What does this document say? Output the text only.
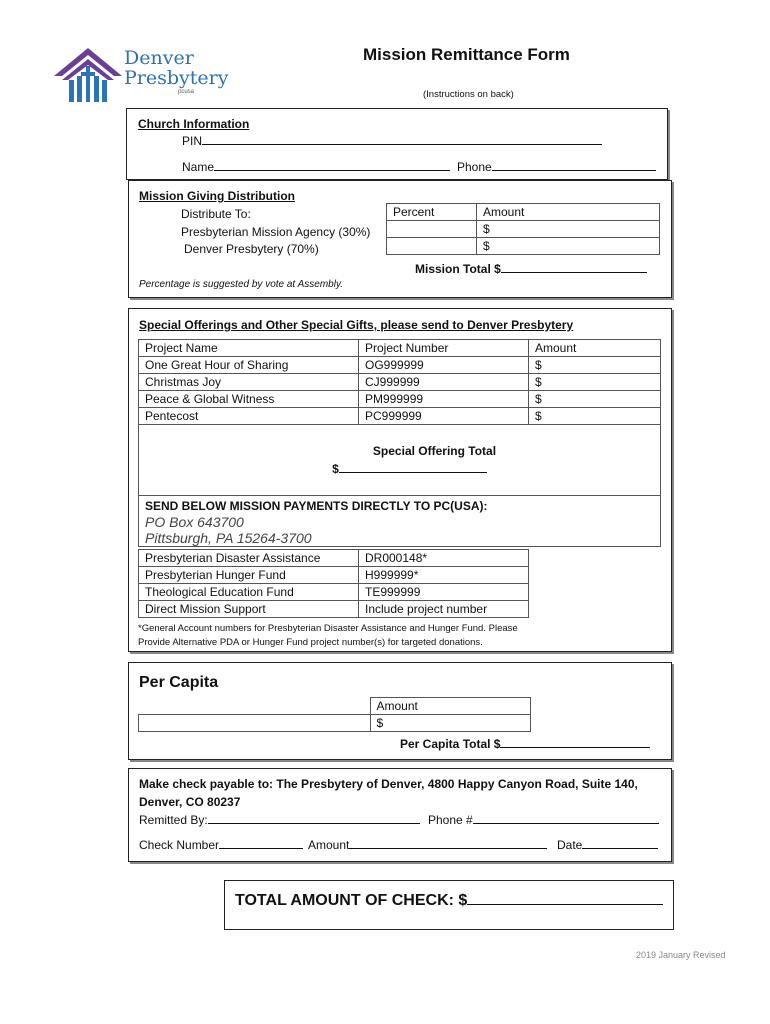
Denver
Presbytery
pcusa
Mission Remittance Form
(Instructions on back)
Church Information
PIN
Name	Phone
Mission Giving Distribution
Distribute To:
Presbyterian Mission Agency (30%)
Denver Presbytery (70%)
Percent	Amount
	$
	$
Mission Total $
Percentage is suggested by vote at Assembly.
Special Offerings and Other Special Gifts, please send to Denver Presbytery
Project Name	Project Number	Amount
One Great Hour of Sharing	OG999999	$
Christmas Joy	CJ999999	$
Peace & Global Witness	PM999999	$
Pentecost	PC999999	$

Special Offering Total
$		

SEND BELOW MISSION PAYMENTS DIRECTLY TO PC(USA):
PO Box 643700
Pittsburgh, PA 15264-3700		
Presbyterian Disaster Assistance	DR000148*
Presbyterian Hunger Fund	H999999*
Theological Education Fund	TE999999
Direct Mission Support	Include project number
*General Account numbers for Presbyterian Disaster Assistance and Hunger Fund. Please
Provide Alternative PDA or Hunger Fund project number(s) for targeted donations.
Per Capita
	Amount
	$
Per Capita Total $
Make check payable to: The Presbytery of Denver, 4800 Happy Canyon Road, Suite 140,
Denver, CO 80237
Remitted By:	Phone #
Check Number	Amount	Date
TOTAL AMOUNT OF CHECK: $
2019 January Revised
